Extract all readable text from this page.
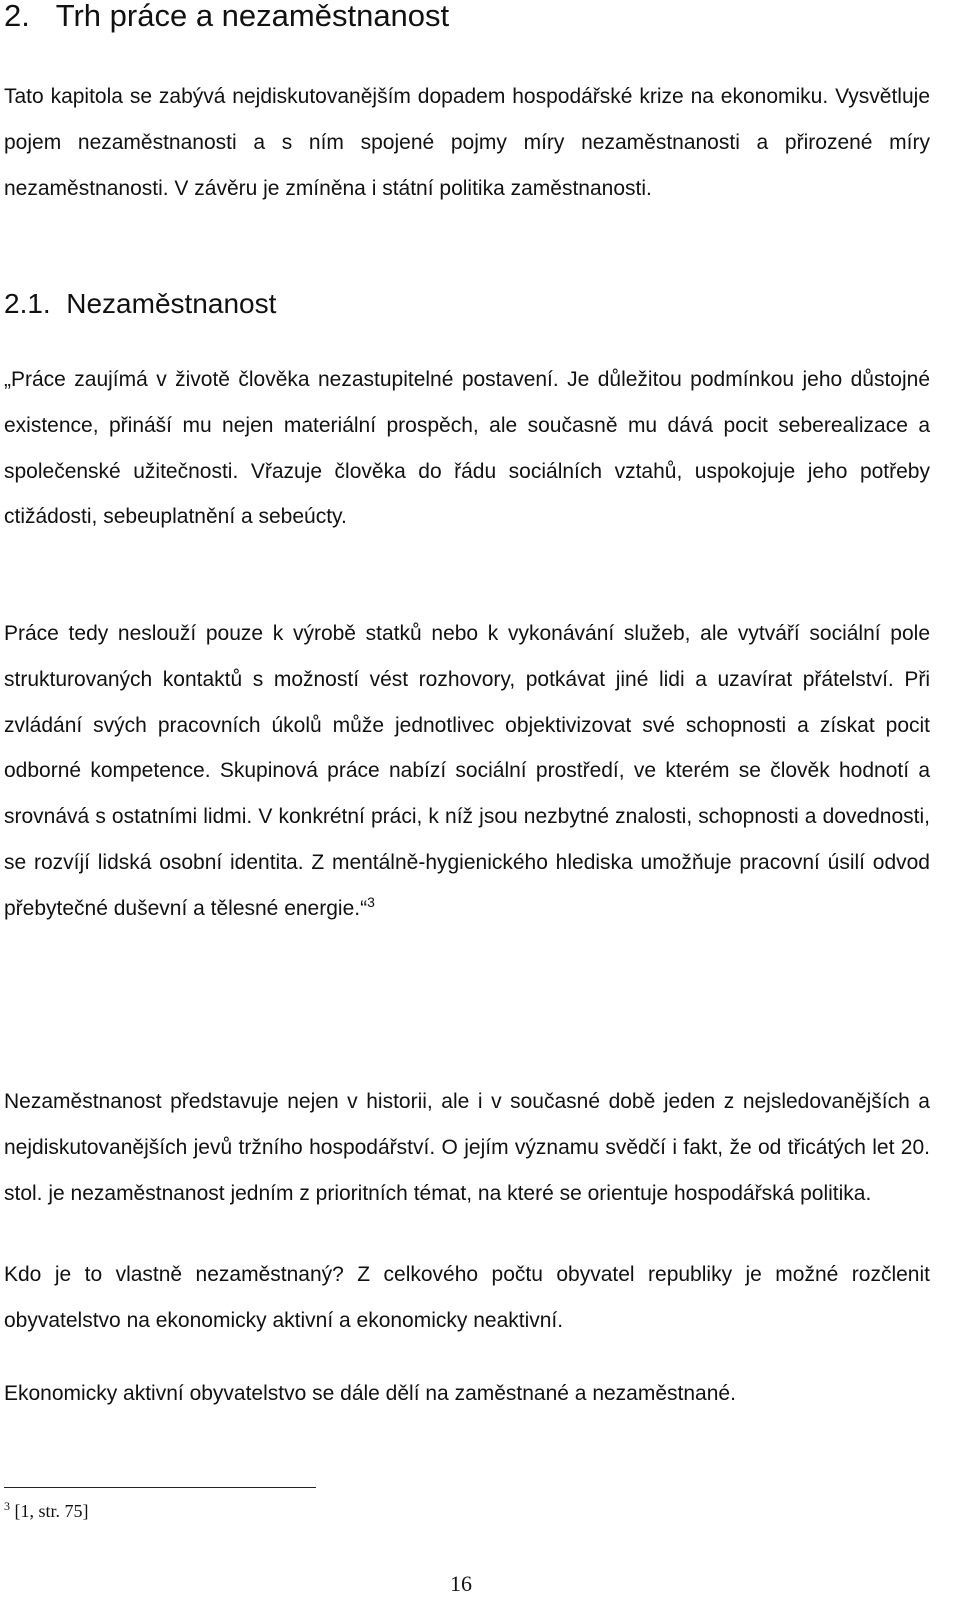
2. Trh práce a nezaměstnanost

Tato kapitola se zabývá nejdiskutovanějším dopadem hospodářské krize na ekonomiku. Vysvětluje pojem nezaměstnanosti a s ním spojené pojmy míry nezaměstnanosti a přirozené míry nezaměstnanosti. V závěru je zmíněna i státní politika zaměstnanosti.

2.1. Nezaměstnanost

„Práce zaujímá v životě člověka nezastupitelné postavení. Je důležitou podmínkou jeho důstojné existence, přináší mu nejen materiální prospěch, ale současně mu dává pocit seberealizace a společenské užitečnosti. Vřazuje člověka do řádu sociálních vztahů, uspokojuje jeho potřeby ctižádosti, sebeuplatnění a sebeúcty.

Práce tedy neslouží pouze k výrobě statků nebo k vykonávání služeb, ale vytváří sociální pole strukturovaných kontaktů s možností vést rozhovory, potkávat jiné lidi a uzavírat přátelství. Při zvládání svých pracovních úkolů může jednotlivec objektivizovat své schopnosti a získat pocit odborné kompetence. Skupinová práce nabízí sociální prostředí, ve kterém se člověk hodnotí a srovnává s ostatními lidmi. V konkrétní práci, k níž jsou nezbytné znalosti, schopnosti a dovednosti, se rozvíjí lidská osobní identita. Z mentálně-hygienického hlediska umožňuje pracovní úsilí odvod přebytečné duševní a tělesné energie.“$^3$

Nezaměstnanost představuje nejen v historii, ale i v současné době jeden z nejsledovanějších a nejdiskutovanějších jevů tržního hospodářství. O jejím významu svědčí i fakt, že od třicátých let 20. stol. je nezaměstnanost jedním z prioritních témat, na které se orientuje hospodářská politika.

Kdo je to vlastně nezaměstnaný? Z celkového počtu obyvatel republiky je možné rozčlenit obyvatelstvo na ekonomicky aktivní a ekonomicky neaktivní.

Ekonomicky aktivní obyvatelstvo se dále dělí na zaměstnané a nezaměstnané.

$^3$ [1, str. 75]
16
